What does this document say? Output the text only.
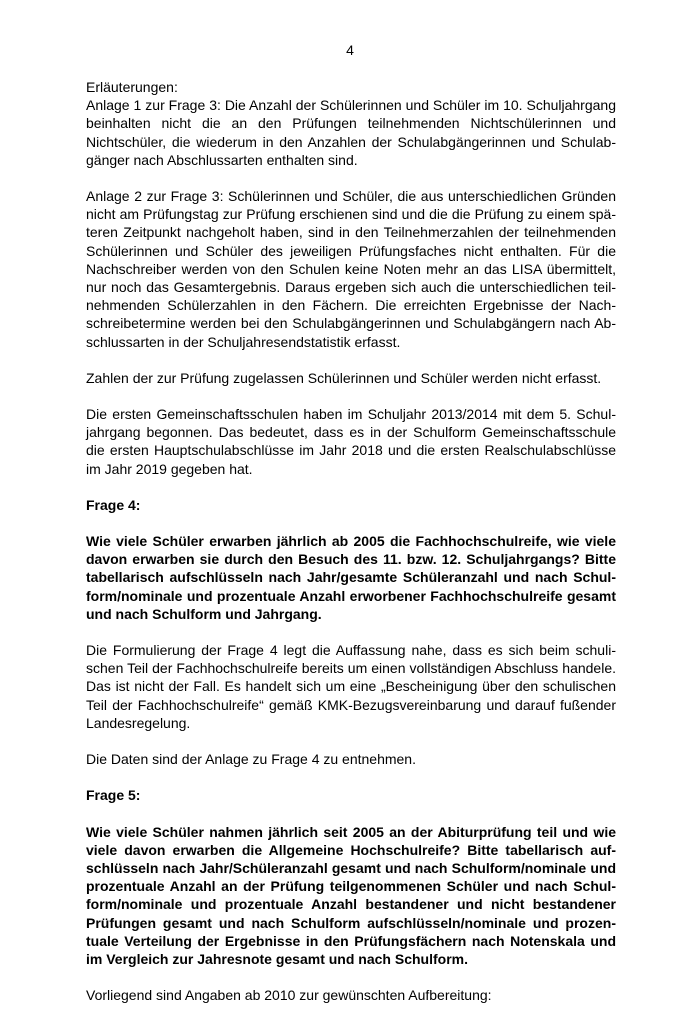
4

Erläuterungen:

Anlage 1 zur Frage 3: Die Anzahl der Schülerinnen und Schüler im 10. Schuljahrgang beinhalten nicht die an den Prüfungen teilnehmenden Nichtschülerinnen und Nichtschüler, die wiederum in den Anzahlen der Schulabgängerinnen und Schulabgänger nach Abschlussarten enthalten sind.

Anlage 2 zur Frage 3: Schülerinnen und Schüler, die aus unterschiedlichen Gründen nicht am Prüfungstag zur Prüfung erschienen sind und die die Prüfung zu einem späteren Zeitpunkt nachgeholt haben, sind in den Teilnehmerzahlen der teilnehmenden Schülerinnen und Schüler des jeweiligen Prüfungsfaches nicht enthalten. Für die Nachschreiber werden von den Schulen keine Noten mehr an das LISA übermittelt, nur noch das Gesamtergebnis. Daraus ergeben sich auch die unterschiedlichen teilnehmenden Schülerzahlen in den Fächern. Die erreichten Ergebnisse der Nachschreibetermine werden bei den Schulabgängerinnen und Schulabgängern nach Abschlussarten in der Schuljahresendstatistik erfasst.

Zahlen der zur Prüfung zugelassen Schülerinnen und Schüler werden nicht erfasst.

Die ersten Gemeinschaftsschulen haben im Schuljahr 2013/2014 mit dem 5. Schuljahrgang begonnen. Das bedeutet, dass es in der Schulform Gemeinschaftsschule die ersten Hauptschulabschlüsse im Jahr 2018 und die ersten Realschulabschlüsse im Jahr 2019 gegeben hat.

Frage 4:

Wie viele Schüler erwarben jährlich ab 2005 die Fachhochschulreife, wie viele davon erwarben sie durch den Besuch des 11. bzw. 12. Schuljahrgangs? Bitte tabellarisch aufschlüsseln nach Jahr/gesamte Schüleranzahl und nach Schulform/nominale und prozentuale Anzahl erworbener Fachhochschulreife gesamt und nach Schulform und Jahrgang.

Die Formulierung der Frage 4 legt die Auffassung nahe, dass es sich beim schulischen Teil der Fachhochschulreife bereits um einen vollständigen Abschluss handele. Das ist nicht der Fall. Es handelt sich um eine „Bescheinigung über den schulischen Teil der Fachhochschulreife“ gemäß KMK-Bezugsvereinbarung und darauf fußender Landesregelung.

Die Daten sind der Anlage zu Frage 4 zu entnehmen.

Frage 5:

Wie viele Schüler nahmen jährlich seit 2005 an der Abiturprüfung teil und wie viele davon erwarben die Allgemeine Hochschulreife? Bitte tabellarisch aufschlüsseln nach Jahr/Schüleranzahl gesamt und nach Schulform/nominale und prozentuale Anzahl an der Prüfung teilgenommenen Schüler und nach Schulform/nominale und prozentuale Anzahl bestandener und nicht bestandener Prüfungen gesamt und nach Schulform aufschlüsseln/nominale und prozentuale Verteilung der Ergebnisse in den Prüfungsfächern nach Notenskala und im Vergleich zur Jahresnote gesamt und nach Schulform.

Vorliegend sind Angaben ab 2010 zur gewünschten Aufbereitung:
